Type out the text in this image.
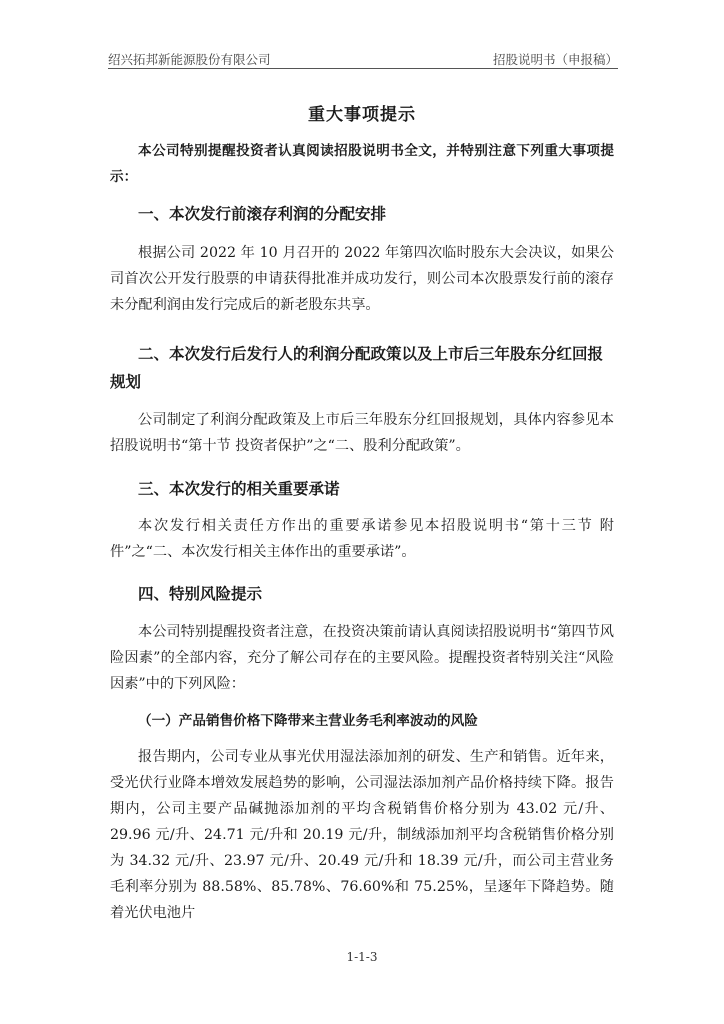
绍兴拓邦新能源股份有限公司	招股说明书（申报稿）
重大事项提示

本公司特别提醒投资者认真阅读招股说明书全文，并特别注意下列重大事项提示：

一、本次发行前滚存利润的分配安排

根据公司 2022 年 10 月召开的 2022 年第四次临时股东大会决议，如果公司首次公开发行股票的申请获得批准并成功发行，则公司本次股票发行前的滚存未分配利润由发行完成后的新老股东共享。

二、本次发行后发行人的利润分配政策以及上市后三年股东分红回报规划

公司制定了利润分配政策及上市后三年股东分红回报规划，具体内容参见本招股说明书“第十节 投资者保护”之“二、股利分配政策”。

三、本次发行的相关重要承诺

本次发行相关责任方作出的重要承诺参见本招股说明书“第十三节 附件”之“二、本次发行相关主体作出的重要承诺”。

四、特别风险提示

本公司特别提醒投资者注意，在投资决策前请认真阅读招股说明书“第四节风险因素”的全部内容，充分了解公司存在的主要风险。提醒投资者特别关注“风险因素”中的下列风险：

（一）产品销售价格下降带来主营业务毛利率波动的风险

报告期内，公司专业从事光伏用湿法添加剂的研发、生产和销售。近年来，受光伏行业降本增效发展趋势的影响，公司湿法添加剂产品价格持续下降。报告期内，公司主要产品碱抛添加剂的平均含税销售价格分别为 43.02 元/升、29.96 元/升、24.71 元/升和 20.19 元/升，制绒添加剂平均含税销售价格分别为 34.32 元/升、23.97 元/升、20.49 元/升和 18.39 元/升，而公司主营业务毛利率分别为 88.58%、85.78%、76.60%和 75.25%，呈逐年下降趋势。随着光伏电池片

1-1-3
